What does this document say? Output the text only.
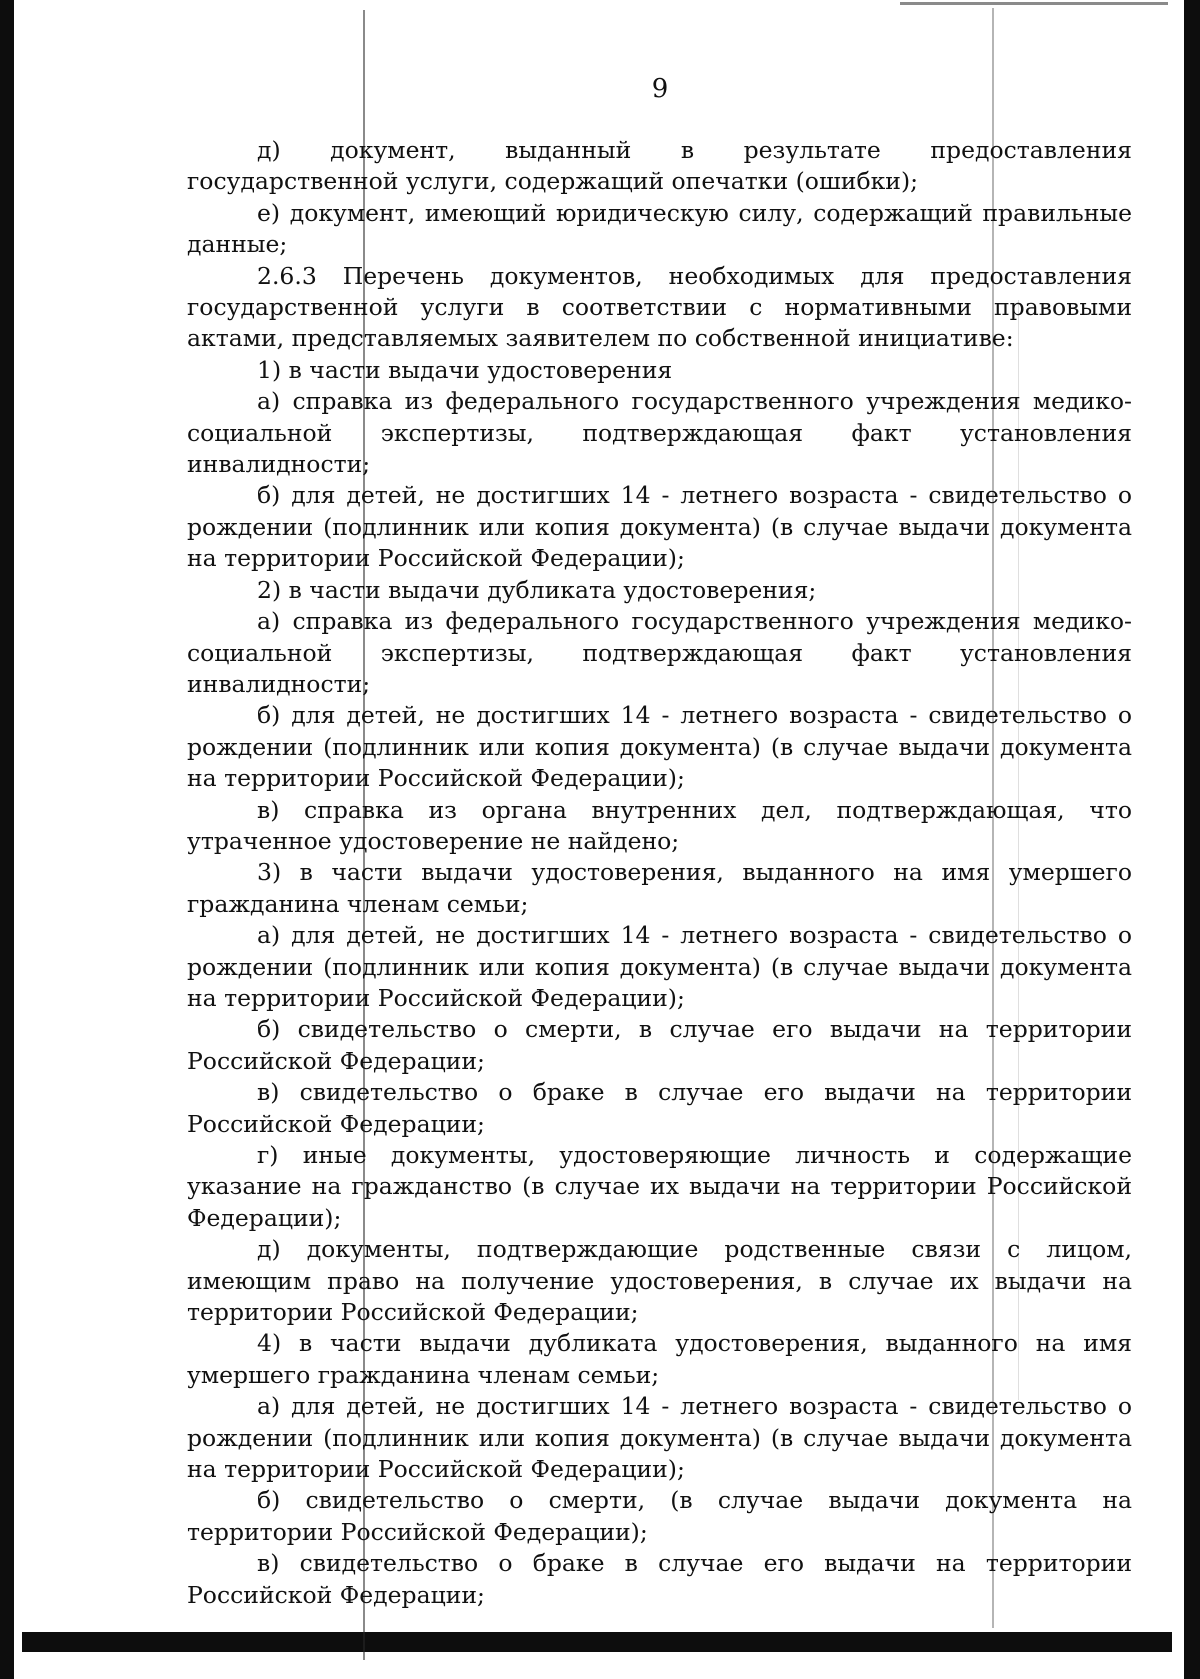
9

д) документ, выданный в результате предоставления государственной услуги, содержащий опечатки (ошибки);

е) документ, имеющий юридическую силу, содержащий правильные данные;

2.6.3 Перечень документов, необходимых для предоставления государственной услуги в соответствии с нормативными правовыми актами, представляемых заявителем по собственной инициативе:

1) в части выдачи удостоверения

а) справка из федерального государственного учреждения медико-социальной экспертизы, подтверждающая факт установления инвалидности;

б) для детей, не достигших 14 - летнего возраста - свидетельство о рождении (подлинник или копия документа) (в случае выдачи документа на территории Российской Федерации);

2) в части выдачи дубликата удостоверения;

а) справка из федерального государственного учреждения медико-социальной экспертизы, подтверждающая факт установления инвалидности;

б) для детей, не достигших 14 - летнего возраста - свидетельство о рождении (подлинник или копия документа) (в случае выдачи документа на территории Российской Федерации);

в) справка из органа внутренних дел, подтверждающая, что утраченное удостоверение не найдено;

3) в части выдачи удостоверения, выданного на имя умершего гражданина членам семьи;

а) для детей, не достигших 14 - летнего возраста - свидетельство о рождении (подлинник или копия документа) (в случае выдачи документа на территории Российской Федерации);

б) свидетельство о смерти, в случае его выдачи на территории Российской Федерации;

в) свидетельство о браке в случае его выдачи на территории Российской Федерации;

г) иные документы, удостоверяющие личность и содержащие указание на гражданство (в случае их выдачи на территории Российской Федерации);

д) документы, подтверждающие родственные связи с лицом, имеющим право на получение удостоверения, в случае их выдачи на территории Российской Федерации;

4) в части выдачи дубликата удостоверения, выданного на имя умершего гражданина членам семьи;

а) для детей, не достигших 14 - летнего возраста - свидетельство о рождении (подлинник или копия документа) (в случае выдачи документа на территории Российской Федерации);

б) свидетельство о смерти, (в случае выдачи документа на территории Российской Федерации);

в) свидетельство о браке в случае его выдачи на территории Российской Федерации;
